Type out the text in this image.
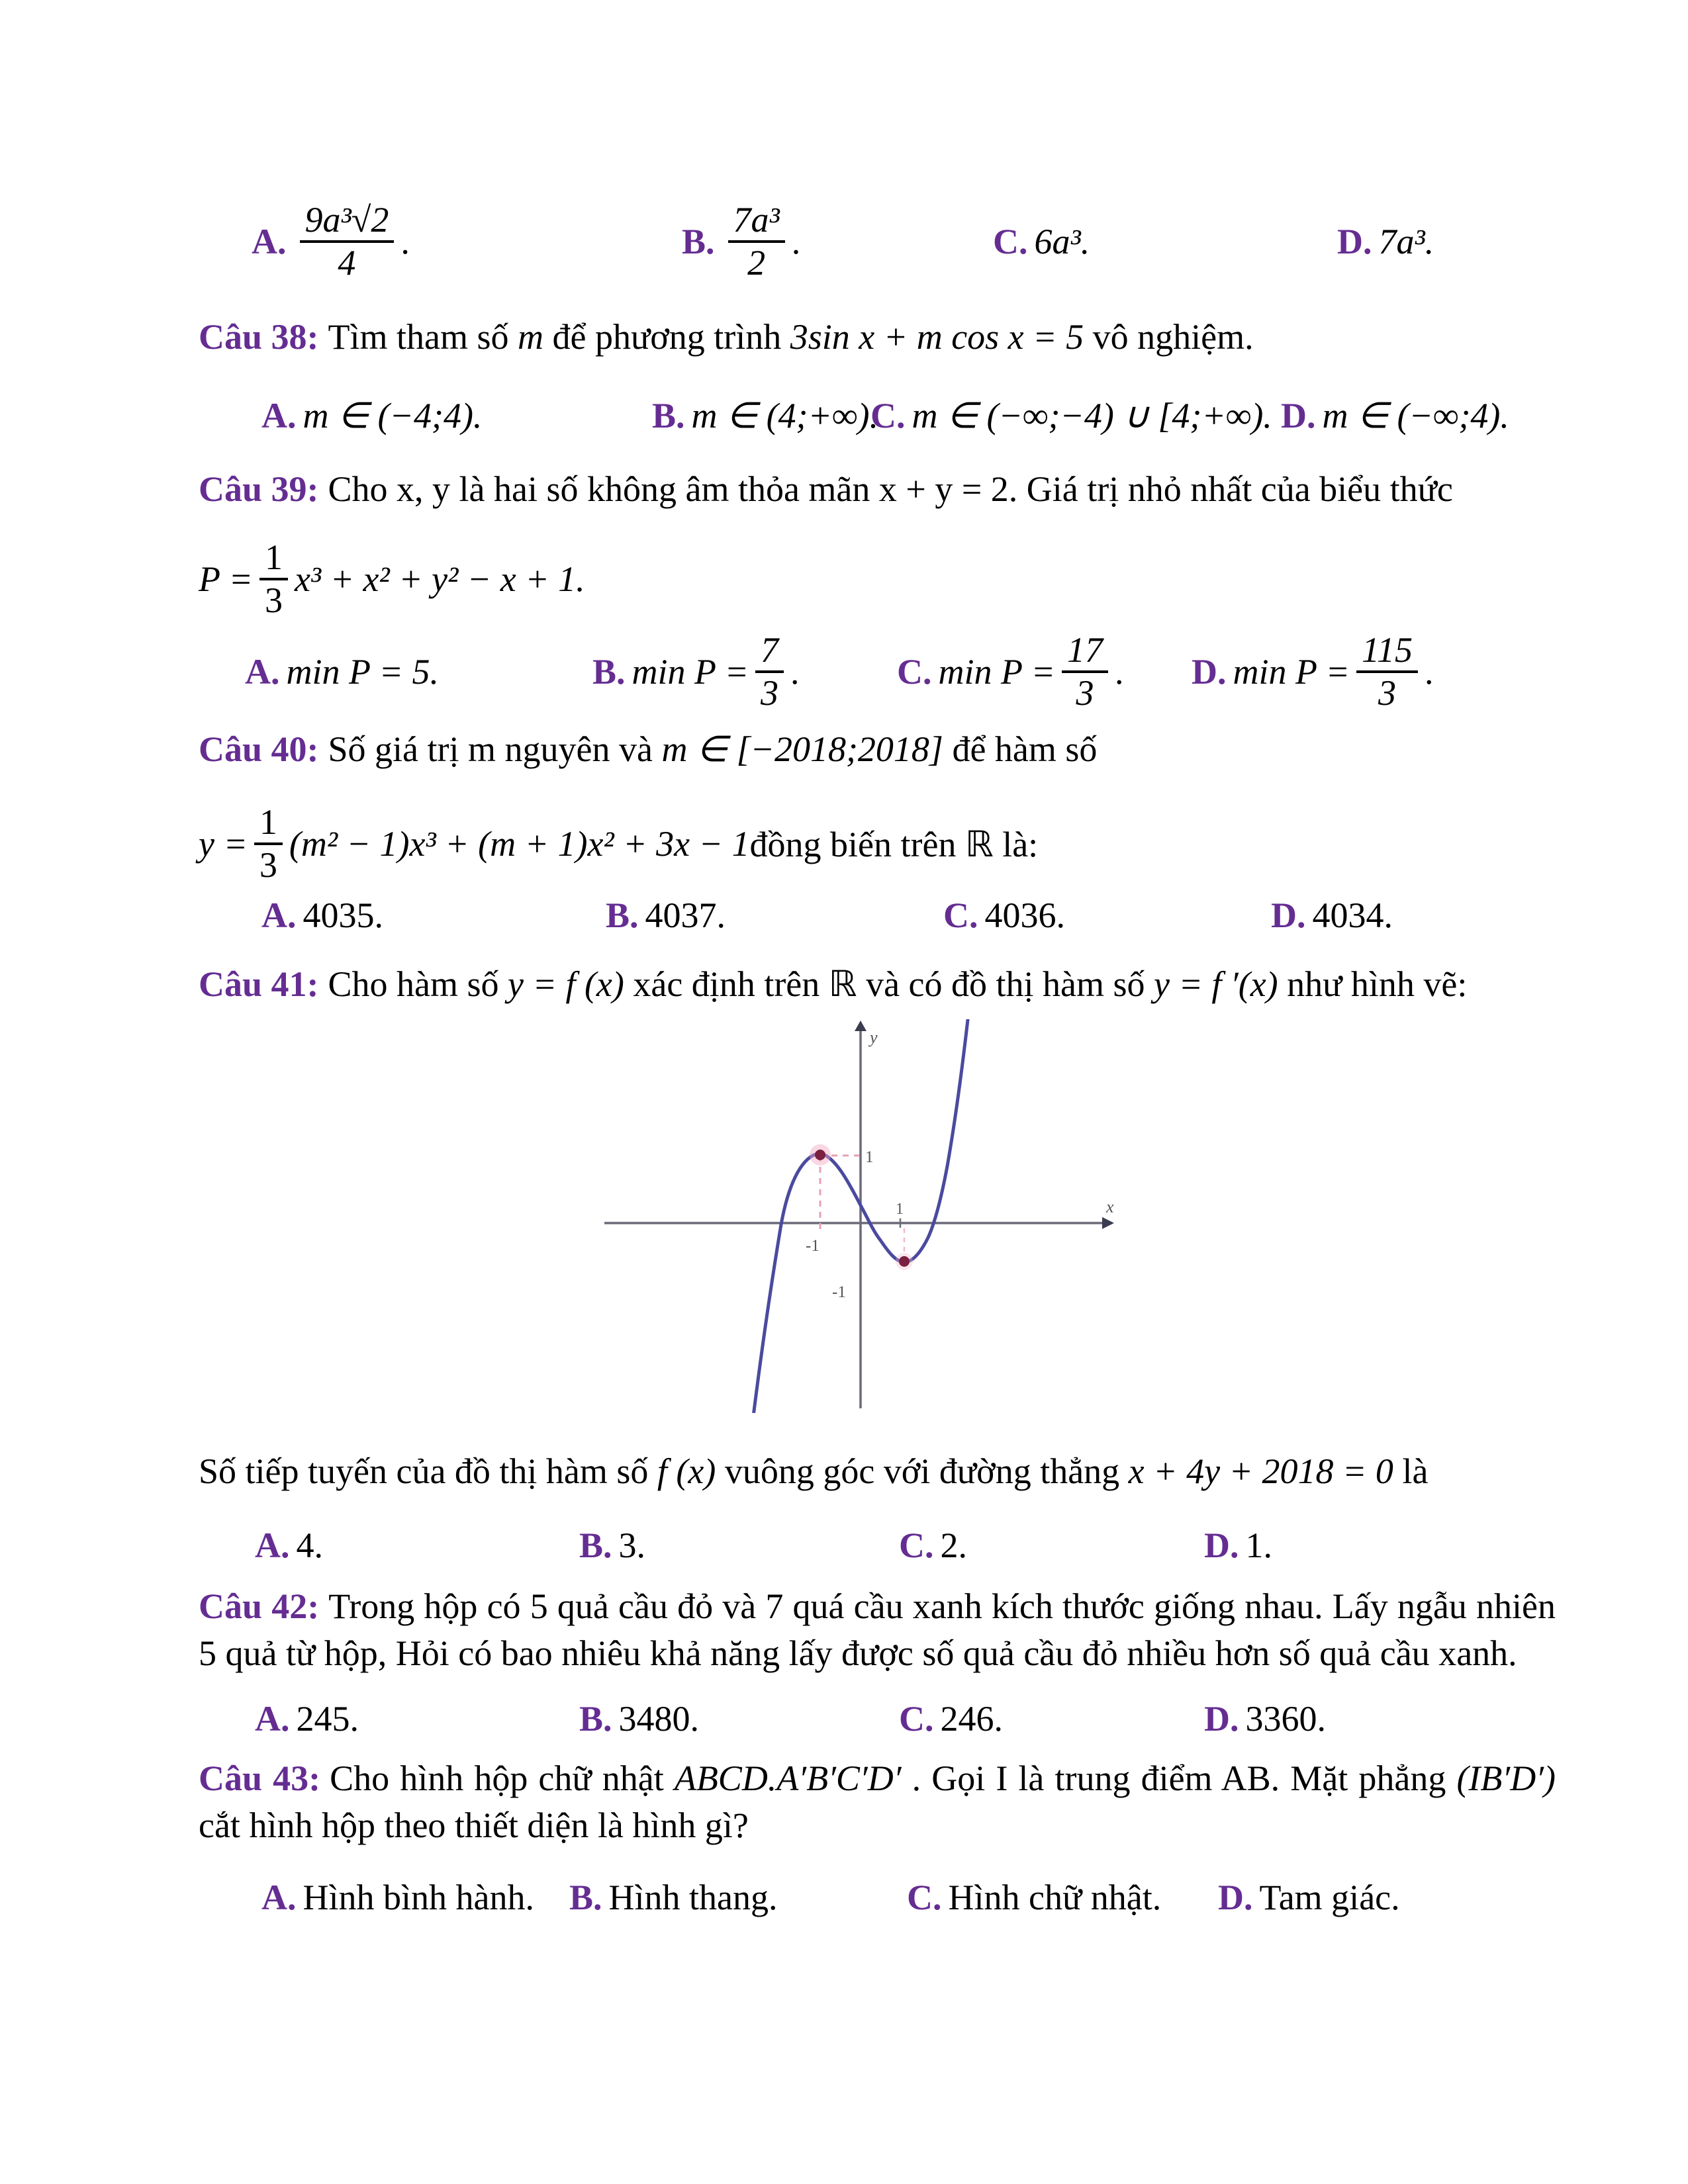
A. $\frac{\text{9a³√2}}{4}$ .	B. $\frac{\text{7a³}}{2}$ .	C. 6a³.	D. 7a³.
Câu 38: Tìm tham số m để phương trình 3sin x + m cos x = 5 vô nghiệm.
A. m ∈ (−4;4).	B. m ∈ (4;+∞).
C. m ∈ (−∞;−4) ∪ [4;+∞). D. m ∈ (−∞;4).
Câu 39: Cho x, y là hai số không âm thỏa mãn x + y = 2. Giá trị nhỏ nhất của biểu thức
$P = \frac{1}{3} x^3 + x^2 + y^2 - x + 1$.
A. min P = 5.	B. $\min P = \frac{7}{3}$ .	C. $\min P = \frac{17}{3}$ . D. $\min P = \frac{115}{3}$ .
Câu 40: Số giá trị m nguyên và m ∈ [−2018;2018] để hàm số
$y = \frac{1}{3} (m^2 - 1)x^3 + (m + 1)x^2 + 3x - 1$ đồng biến trên ℝ là:
A. 4035.	B. 4037.	C. 4036.	D. 4034.
Câu 41: Cho hàm số y = f (x) xác định trên ℝ và có đồ thị hàm số y = f ′(x) như hình vẽ:
1
1
-1
-1
x
y
Số tiếp tuyến của đồ thị hàm số f (x) vuông góc với đường thẳng x + 4y + 2018 = 0 là
A. 4.	B. 3.	C. 2.	D. 1.
Câu 42: Trong hộp có 5 quả cầu đỏ và 7 quá cầu xanh kích thước giống nhau. Lấy ngẫu nhiên 5 quả từ hộp, Hỏi có bao nhiêu khả năng lấy được số quả cầu đỏ nhiều hơn số quả cầu xanh.
A. 245.	B. 3480.	C. 246.	D. 3360.
Câu 43: Cho hình hộp chữ nhật ABCD.A′B′C′D′ . Gọi I là trung điểm AB. Mặt phẳng (IB′D′) cắt hình hộp theo thiết diện là hình gì?
A. Hình bình hành. B. Hình thang.	C. Hình chữ nhật. D. Tam giác.
